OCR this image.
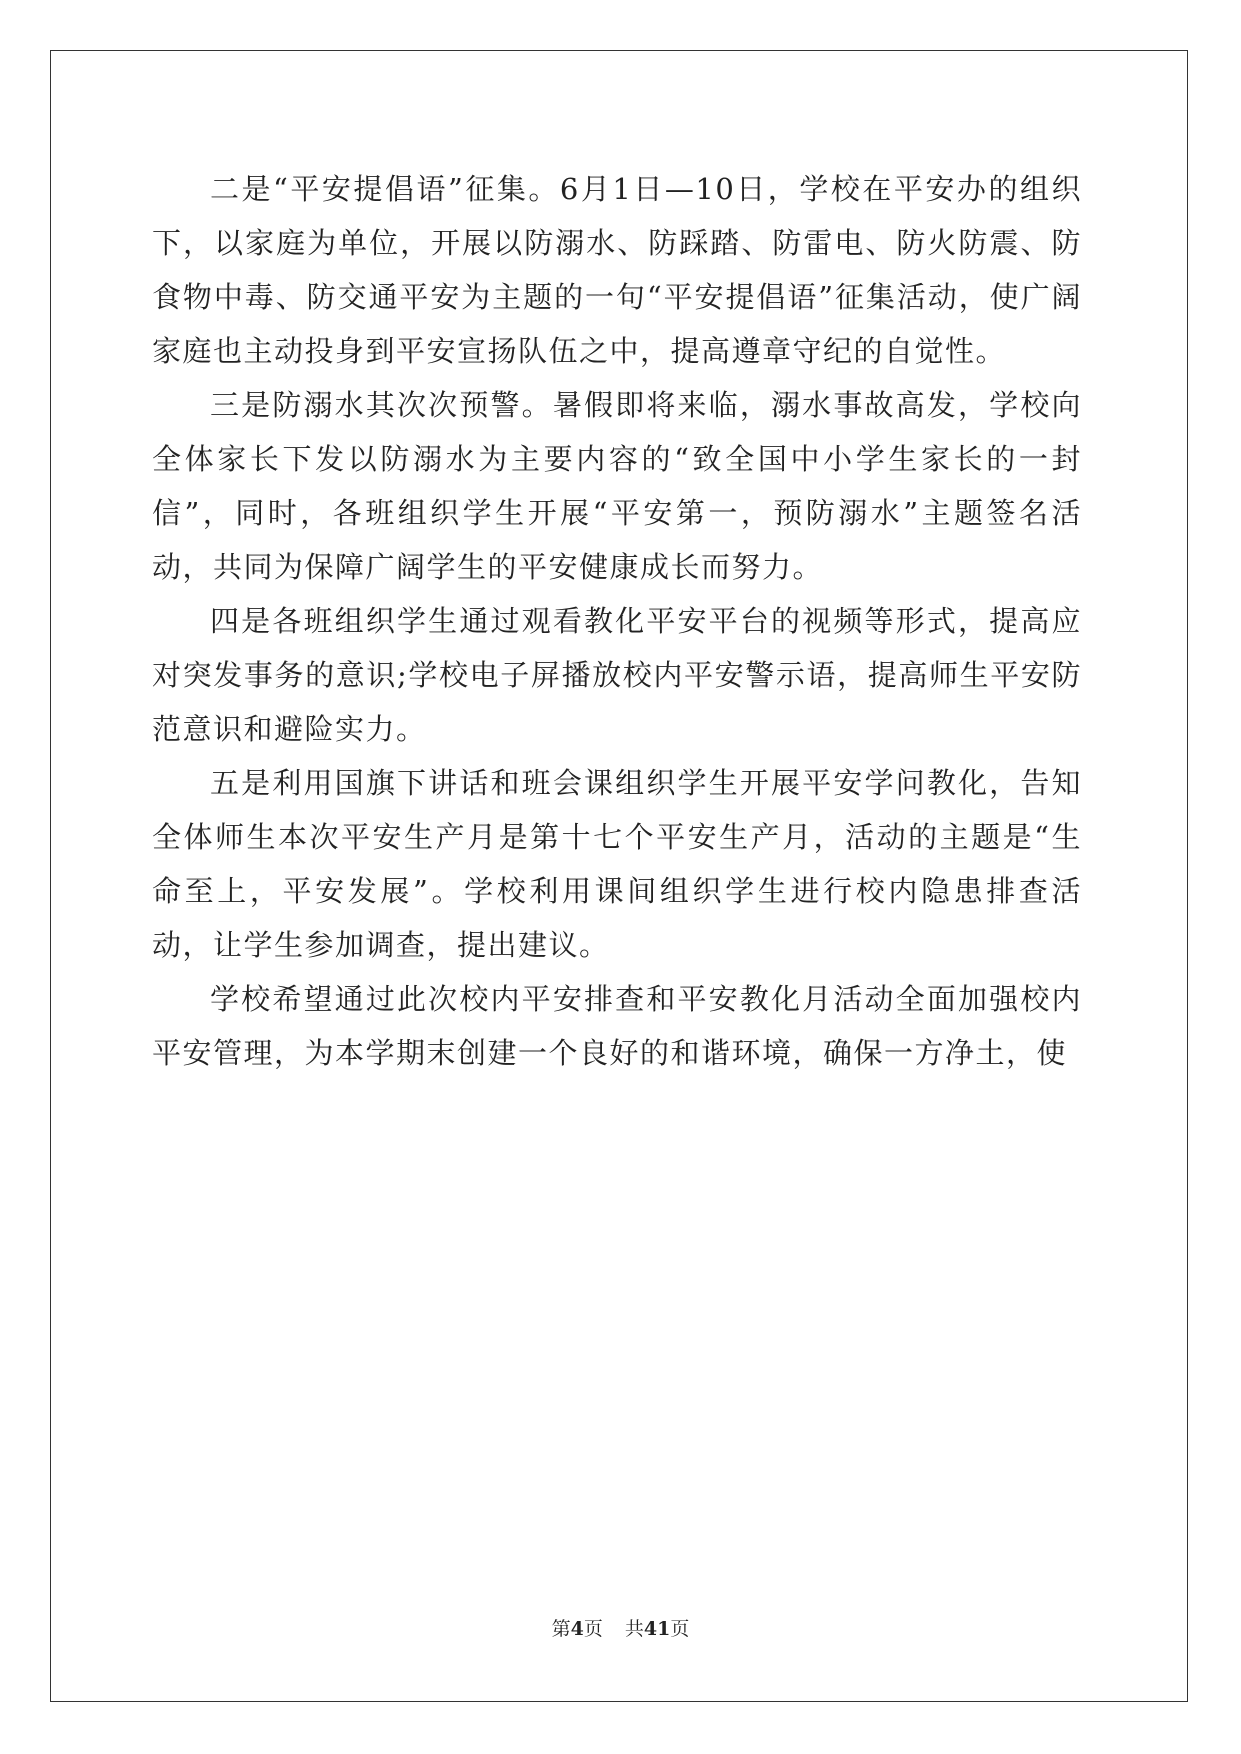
二是“平安提倡语”征集。6月1日—10日，学校在平安办的组织下，以家庭为单位，开展以防溺水、防踩踏、防雷电、防火防震、防食物中毒、防交通平安为主题的一句“平安提倡语”征集活动，使广阔家庭也主动投身到平安宣扬队伍之中，提高遵章守纪的自觉性。

三是防溺水其次次预警。暑假即将来临，溺水事故高发，学校向全体家长下发以防溺水为主要内容的“致全国中小学生家长的一封信”，同时，各班组织学生开展“平安第一，预防溺水”主题签名活动，共同为保障广阔学生的平安健康成长而努力。

四是各班组织学生通过观看教化平安平台的视频等形式，提高应对突发事务的意识;学校电子屏播放校内平安警示语，提高师生平安防范意识和避险实力。

五是利用国旗下讲话和班会课组织学生开展平安学问教化，告知全体师生本次平安生产月是第十七个平安生产月，活动的主题是“生命至上，平安发展”。学校利用课间组织学生进行校内隐患排查活动，让学生参加调查，提出建议。

学校希望通过此次校内平安排查和平安教化月活动全面加强校内平安管理，为本学期末创建一个良好的和谐环境，确保一方净土，使

第4页 共41页
